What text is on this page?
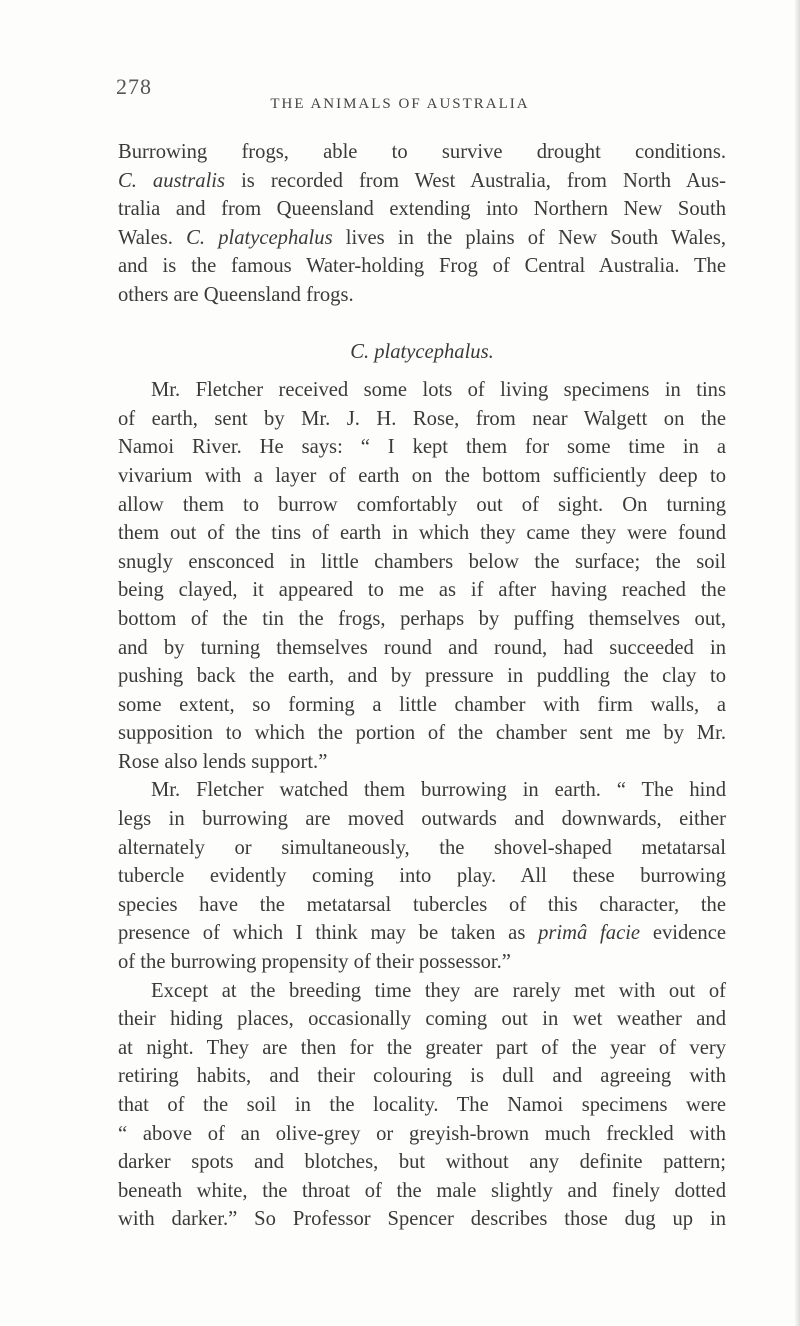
278
THE ANIMALS OF AUSTRALIA
Burrowing frogs, able to survive drought conditions.
C. australis is recorded from West Australia, from North Aus-
tralia and from Queensland extending into Northern New South
Wales. C. platycephalus lives in the plains of New South Wales,
and is the famous Water-holding Frog of Central Australia. The
others are Queensland frogs.
C. platycephalus.
Mr. Fletcher received some lots of living specimens in tins
of earth, sent by Mr. J. H. Rose, from near Walgett on the
Namoi River. He says: “ I kept them for some time in a
vivarium with a layer of earth on the bottom sufficiently deep to
allow them to burrow comfortably out of sight. On turning
them out of the tins of earth in which they came they were found
snugly ensconced in little chambers below the surface; the soil
being clayed, it appeared to me as if after having reached the
bottom of the tin the frogs, perhaps by puffing themselves out,
and by turning themselves round and round, had succeeded in
pushing back the earth, and by pressure in puddling the clay to
some extent, so forming a little chamber with firm walls, a
supposition to which the portion of the chamber sent me by Mr.
Rose also lends support.”
Mr. Fletcher watched them burrowing in earth. “ The hind
legs in burrowing are moved outwards and downwards, either
alternately or simultaneously, the shovel-shaped metatarsal
tubercle evidently coming into play. All these burrowing
species have the metatarsal tubercles of this character, the
presence of which I think may be taken as primâ facie evidence
of the burrowing propensity of their possessor.”
Except at the breeding time they are rarely met with out of
their hiding places, occasionally coming out in wet weather and
at night. They are then for the greater part of the year of very
retiring habits, and their colouring is dull and agreeing with
that of the soil in the locality. The Namoi specimens were
“ above of an olive-grey or greyish-brown much freckled with
darker spots and blotches, but without any definite pattern;
beneath white, the throat of the male slightly and finely dotted
with darker.” So Professor Spencer describes those dug up in
